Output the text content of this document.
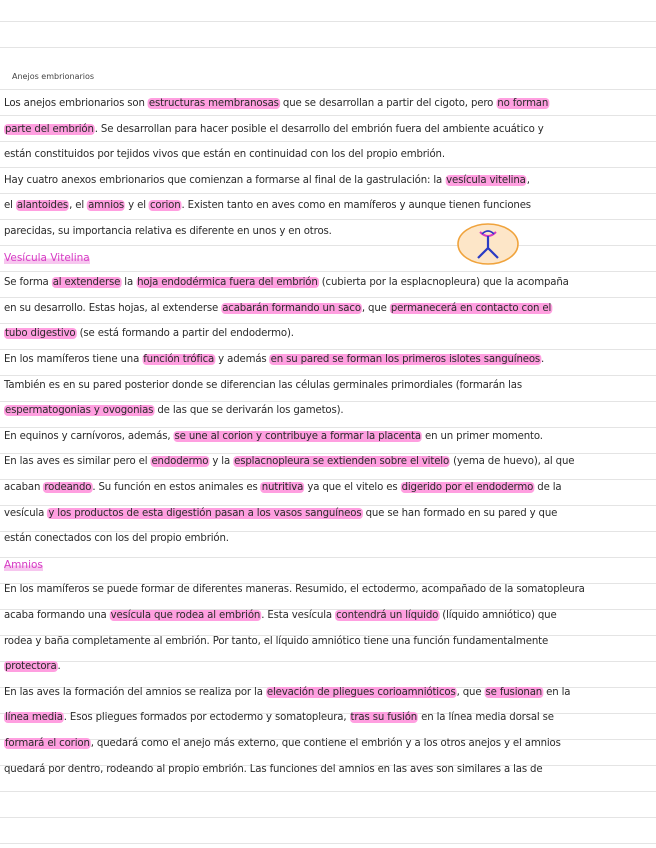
Anejos embrionarios
Los anejos embrionarios son estructuras membranosas que se desarrollan a partir del cigoto, pero no forman
parte del embrión. Se desarrollan para hacer posible el desarrollo del embrión fuera del ambiente acuático y
están constituidos por tejidos vivos que están en continuidad con los del propio embrión.
Hay cuatro anexos embrionarios que comienzan a formarse al final de la gastrulación: la vesícula vitelina,
el alantoides, el amnios y el corion. Existen tanto en aves como en mamíferos y aunque tienen funciones
parecidas, su importancia relativa es diferente en unos y en otros.
Vesícula Vitelina
Se forma al extenderse la hoja endodérmica fuera del embrión (cubierta por la esplacnopleura) que la acompaña
en su desarrollo. Estas hojas, al extenderse acabarán formando un saco, que permanecerá en contacto con el
tubo digestivo (se está formando a partir del endodermo).
En los mamíferos tiene una función trófica y además en su pared se forman los primeros islotes sanguíneos.
También es en su pared posterior donde se diferencian las células germinales primordiales (formarán las
espermatogonias y ovogonias de las que se derivarán los gametos).
En equinos y carnívoros, además, se une al corion y contribuye a formar la placenta en un primer momento.
En las aves es similar pero el endodermo y la esplacnopleura se extienden sobre el vitelo (yema de huevo), al que
acaban rodeando. Su función en estos animales es nutritiva ya que el vitelo es digerido por el endodermo de la
vesícula y los productos de esta digestión pasan a los vasos sanguíneos que se han formado en su pared y que
están conectados con los del propio embrión.
Amnios
En los mamíferos se puede formar de diferentes maneras. Resumido, el ectodermo, acompañado de la somatopleura
acaba formando una vesícula que rodea al embrión. Esta vesícula contendrá un líquido (líquido amniótico) que
rodea y baña completamente al embrión. Por tanto, el líquido amniótico tiene una función fundamentalmente
protectora.
En las aves la formación del amnios se realiza por la elevación de pliegues corioamnióticos, que se fusionan en la
línea media. Esos pliegues formados por ectodermo y somatopleura, tras su fusión en la línea media dorsal se
formará el corion, quedará como el anejo más externo, que contiene el embrión y a los otros anejos y el amnios
quedará por dentro, rodeando al propio embrión. Las funciones del amnios en las aves son similares a las de
